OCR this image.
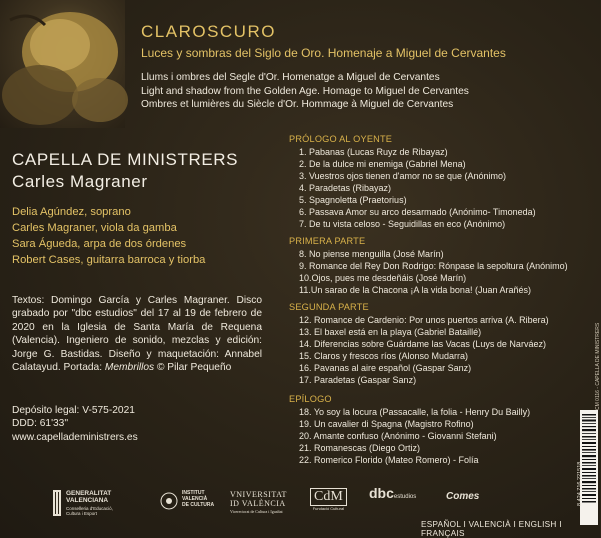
CLAROSCURO
Luces y sombras del Siglo de Oro. Homenaje a Miguel de Cervantes
Llums i ombres del Segle d'Or. Homenatge a Miguel de Cervantes
Light and shadow from the Golden Age. Homage to Miguel de Cervantes
Ombres et lumières du Siècle d'Or. Hommage à Miguel de Cervantes
CAPELLA DE MINISTRERS
Carles Magraner
Delia Agúndez, soprano
Carles Magraner, viola da gamba
Sara Águeda, arpa de dos órdenes
Robert Cases, guitarra barroca y tiorba
Textos: Domingo García y Carles Magraner. Disco grabado por "dbc estudios" del 17 al 19 de febrero de 2020 en la Iglesia de Santa María de Requena (Valencia). Ingeniero de sonido, mezclas y edición: Jorge G. Bastidas. Diseño y maquetación: Annabel Calatayud. Portada: Membrillos © Pilar Pequeño
Depósito legal: V-575-2021
DDD: 61'33''
www.capelladeministrers.es
PRÓLOGO AL OYENTE
1. Pabanas (Lucas Ruyz de Ribayaz)
2. De la dulce mi enemiga (Gabriel Mena)
3. Vuestros ojos tienen d'amor no se que (Anónimo)
4. Paradetas (Ribayaz)
5. Spagnoletta (Praetorius)
6. Passava Amor su arco desarmado (Anónimo- Timoneda)
7. De tu vista celoso - Seguidillas en eco (Anónimo)
PRIMERA PARTE
8. No piense menguilla (José Marín)
9. Romance del Rey Don Rodrigo: Rónpase la sepoltura (Anónimo)
10.Ojos, pues me desdeñáis (José Marín)
11.Un sarao de la Chacona ¡A la vida bona! (Juan Arañés)
SEGUNDA PARTE
12. Romance de Cardenio: Por unos puertos arriva (A. Ribera)
13. El baxel está en la playa (Gabriel Bataillé)
14. Diferencias sobre Guárdame las Vacas (Luys de Narváez)
15. Claros y frescos ríos (Alonso Mudarra)
16. Pavanas al aire español (Gaspar Sanz)
17. Paradetas (Gaspar Sanz)
EPÍLOGO
18. Yo soy la locura (Passacalle, la folia - Henry Du Bailly)
19. Un cavalier di Spagna (Magistro Rofino)
20. Amante confuso (Anónimo - Giovanni Stefani)
21. Romanescas (Diego Ortiz)
22. Romerico Florido (Mateo Romero) - Folía
GENERALITAT
VALENCIANA
Conselleria d'Educació,
Cultura i Esport
INSTITUT
VALENCIÀ
DE CULTURA
VNIVERSITAT
ID VALÈNCIA
Vicerectorat de Cultura i Igualtat
CdM
Fundació Cultural
dbcestudios	Comes
ESPAÑOL I VALENCIÀ I ENGLISH I FRANÇAIS
8 424 716 221518
CM 0116 - CAPELLA DE MINISTRERS
